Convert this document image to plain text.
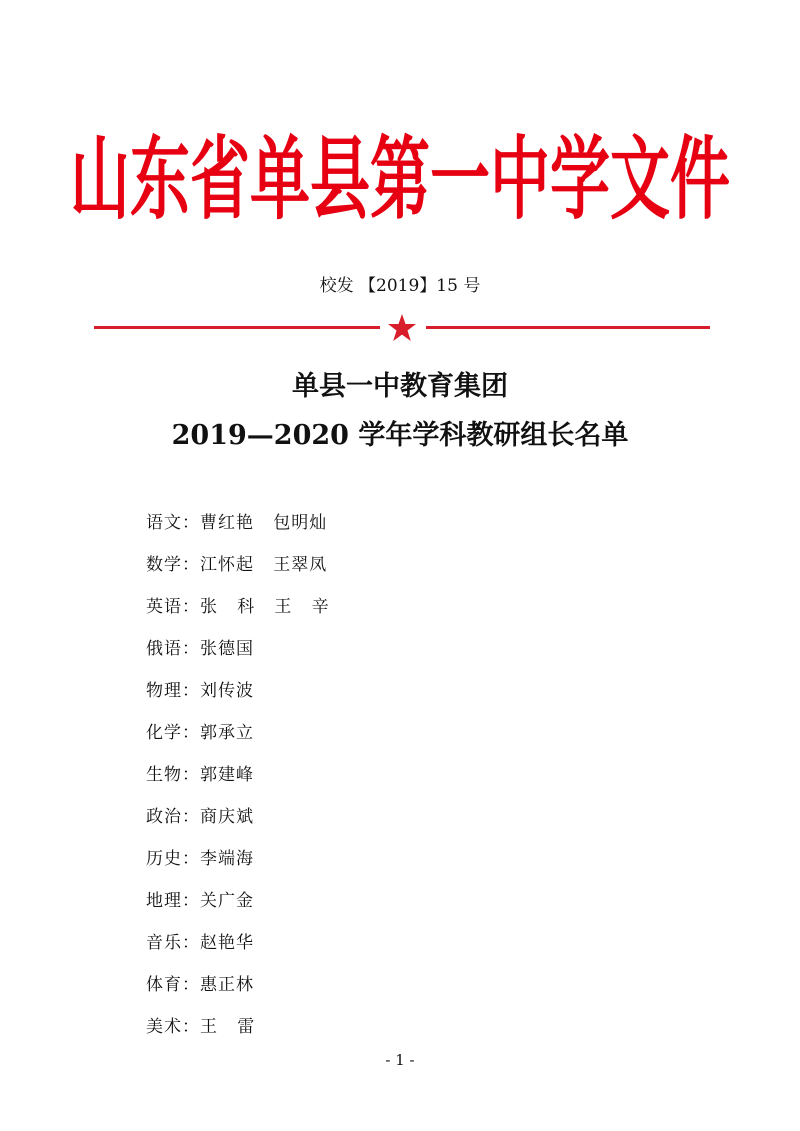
山东省单县第一中学文件
校发 【2019】15 号
单县一中教育集团
2019—2020 学年学科教研组长名单
语文：曹红艳   包明灿
数学：江怀起   王翠凤
英语：张   科   王   辛
俄语：张德国
物理：刘传波
化学：郭承立
生物：郭建峰
政治：商庆斌
历史：李端海
地理：关广金
音乐：赵艳华
体育：惠正林
美术：王   雷
- 1 -
